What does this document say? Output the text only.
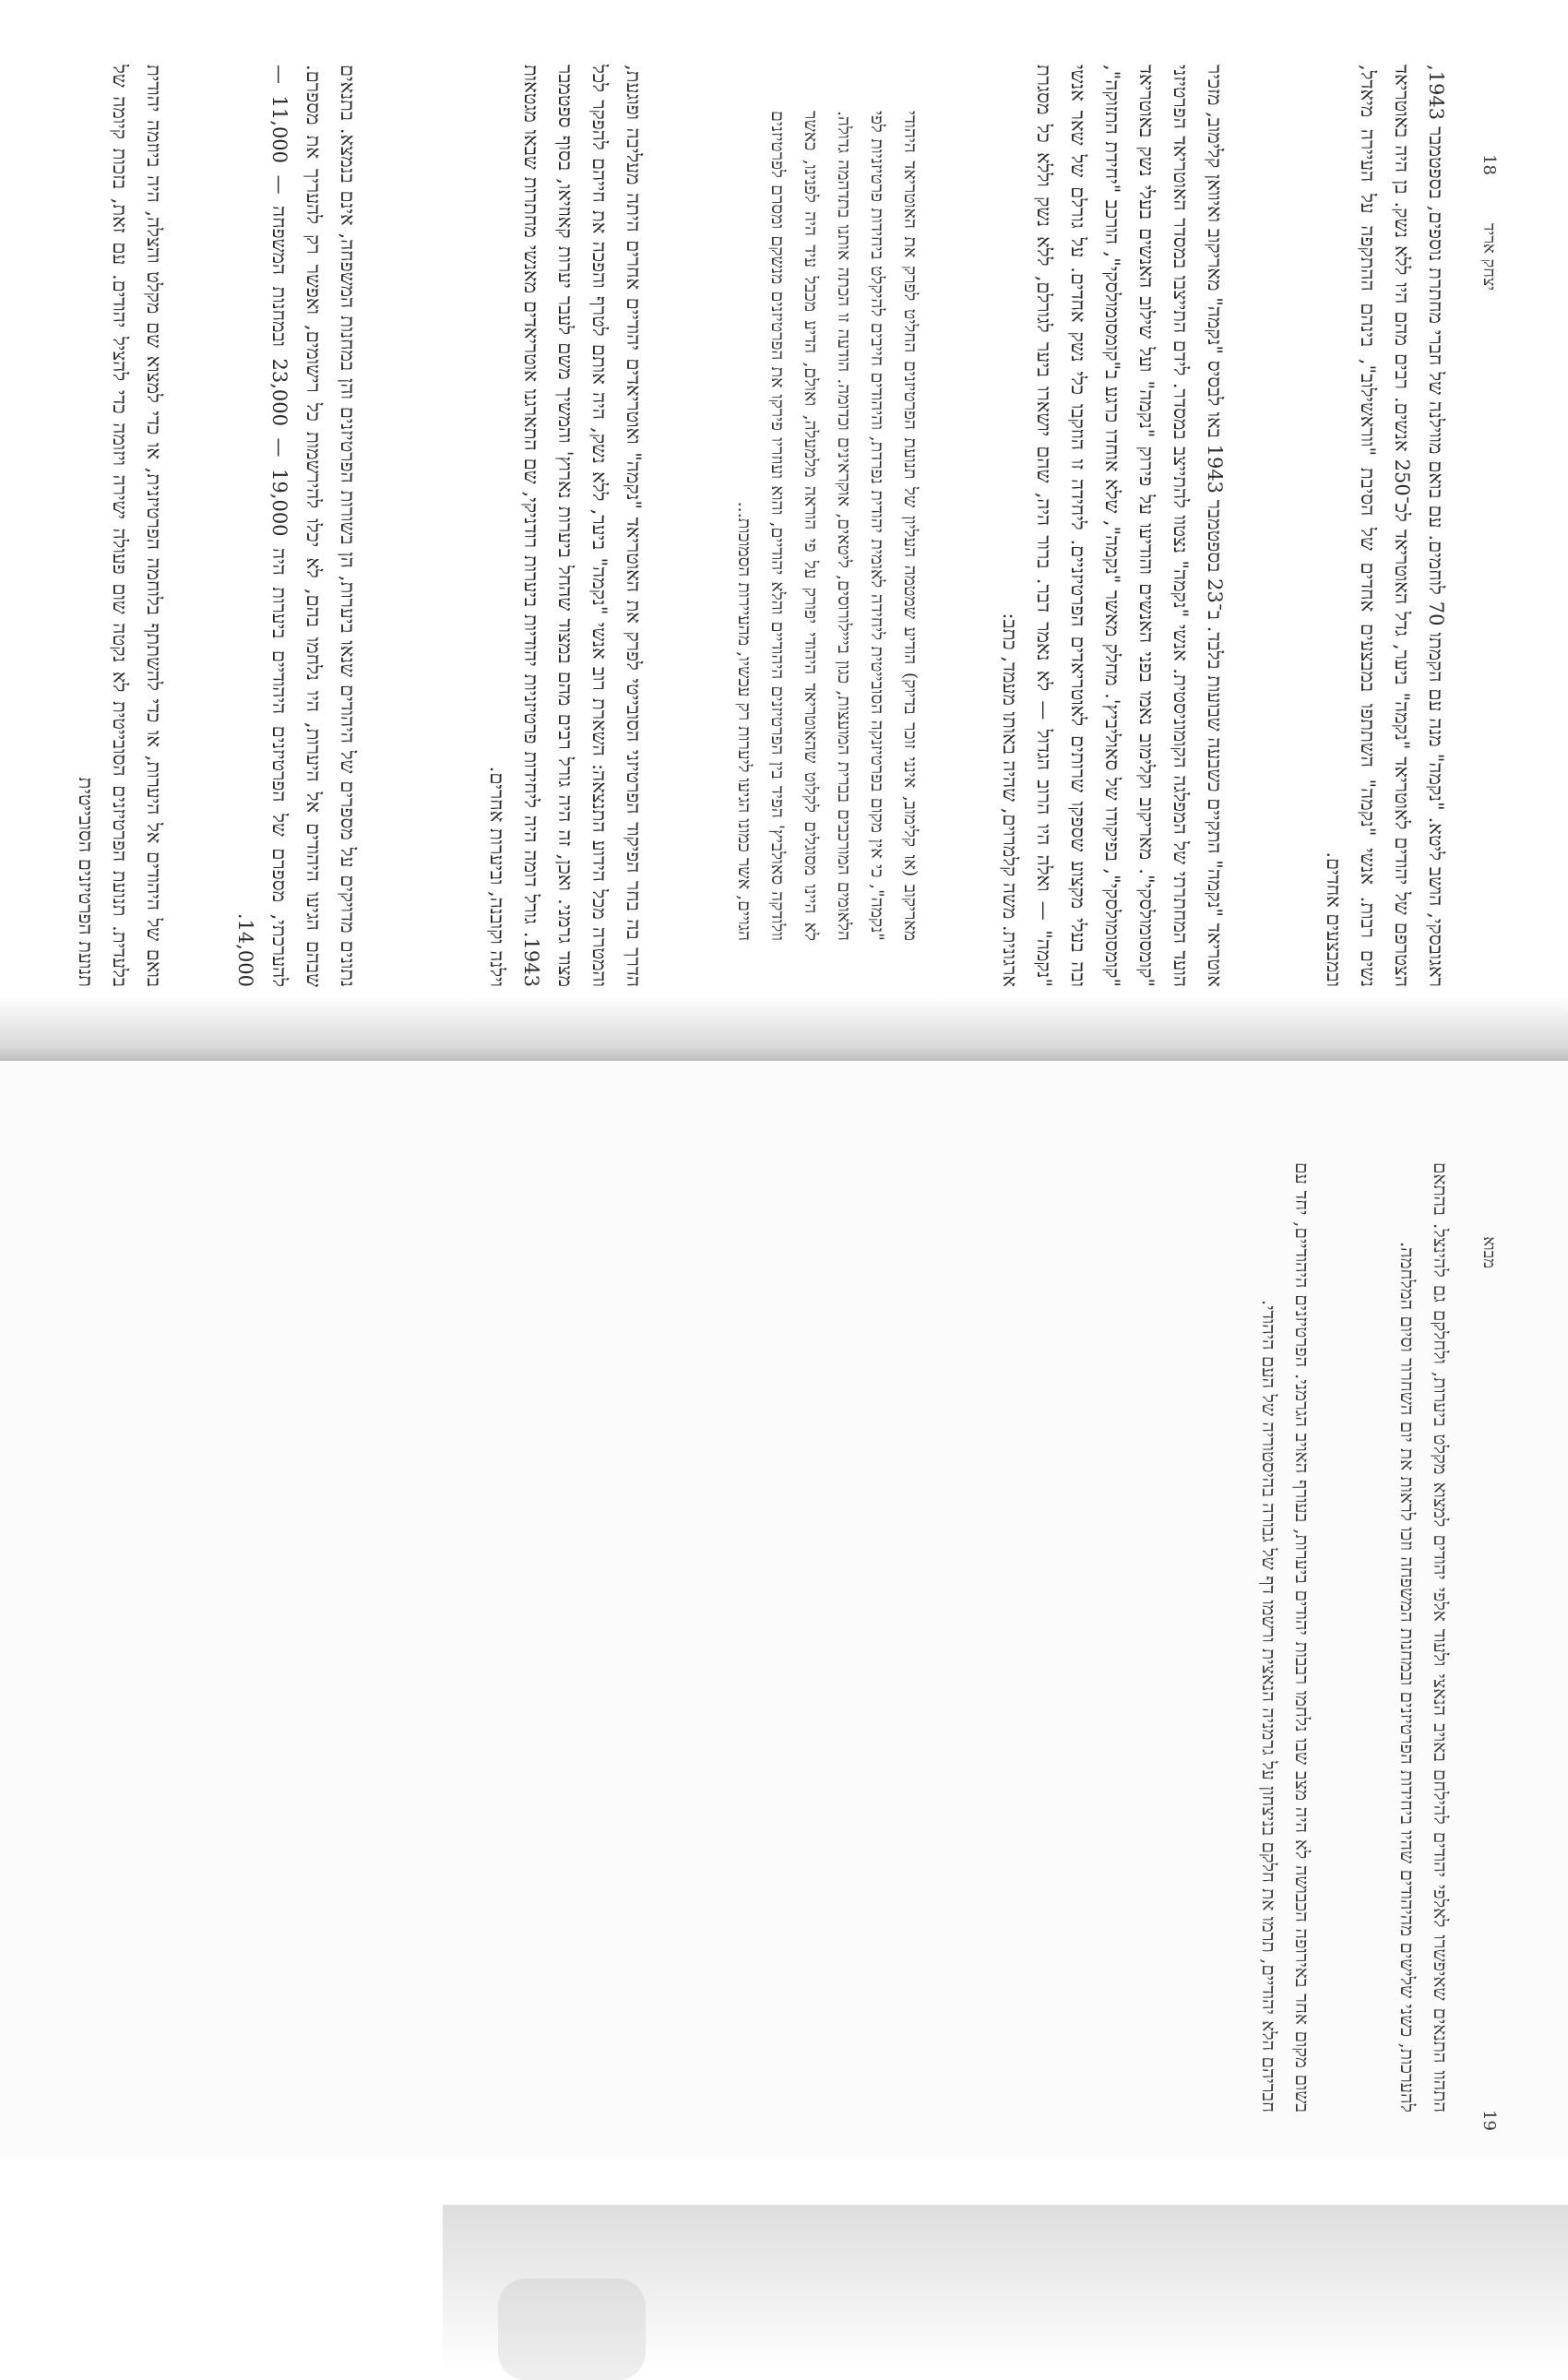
18
יצחק אריד
ראגובסקי, הושב ליטא. "נקמה" מנה עם הקמתו 70 לוחמים. עם בואם מווילנה של חברי מחתרת נוספים, בספטמבר 1943, הצטרפם של יהודים לאוטריאד "נקמה" ביער, גדל האוטריאד לכ־250 אנשים. רבים מהם היו ללא נשק. בן היה באוטריאד נשים רבות. אנשי "נקמה" השתתפו במבצעים אחדים של הסיבת "ווראשילוב", בינהם ההתקפה על העיירה מיאדל, ובמבצעים אחדים.
אוטריאד "נקמה" התקיים כשבעה שבועות בלבד. ב־23 בספטמבר 1943 באו לבסיס "נקמה" מאריקוב ואיוואן קלימוב, מזכיר הועד המחתרתי של המפלגה הקומוניסטית. אנשי "נקמה" נצטוו להתייצב במסדר. לידם התייצבו במסדר האוטריאד הפרטיזני "קומסומולסקי". מאריקוב וקלימוב נאמו בפני האנשים והודיעו על פירוק "נקמה" ועל שילוב האנשים בעלי נשק באוטריאד "קומסומולסקי", בפיקודו של סאוליביץ'. מחלק מאשר "נקמה", שלא אוחדו כרגע ב"קומסומולסקי", הורכב "יחידת התזוקה", ובה בעלי מקצוע שספקו שרותים לאוטריאדים הפרטיזניים. ליחידה זו הוזקבו כלי נשק אחדים. על גורלם של שאר אנשי "נקמה" — ואלה היו הרוב הגדול — לא נאמר דבר. ברור היה, שהם יושארו ביער לגורלם, ללא נשק וללא כל מסגרת ארגונית. משה קלמרוים, שהיה באותו מעמד, כתב:
מאריקוב (או קלימוב, אינני זוכר בדיוק) הודיע שמטמה העליון של תנועת הפרטיזנים החליט לפרק את האוטריאד היהודי "נקמה", כי אין מקום בפרטיזנקה הסובייטית ליחידה לאומית יהודית נפרדת, והיהודים חייבים להיקלט ביחידות פרטיזניות לפי הלאומים המורכבים בברית המועצות, כגון בייילורוסים, ליטאים, אוקראינים וכדומה. הודעה זו הכתה אותנו בתדהמה גדולה. לא היינו מסוגלים לקלוט שהאוטריאד היהודי יפורק על פי הוראה מלמעלה, ואולם, הדיע מכבל עיד היה לפנינו, כאשר וולודקה סאולביץ' הפיד בין הפרטיזנים היהודיים והלא יהודיים, והוא ועוזריו פירקו את הפרטיזנים מנשקם ומסרם לפרטיזנים הגויים, אשר כמונו הגיעו ליערות רק עכשיו, מהעיירות הסמוכות...
הדרך בה בחר הפיקוד הפרטיזני הסובייטי לפרק את האוטריאד "נקמה" ואוטריאדים יהודיים אחרים היתה מעליבה ופוגעת, והמטרה מכל הידוע התנצאה: השארת רוב אנשי "נקמה" ביער, ללא נשק, היה אותם לטרף והפכה את חייהם להפקר לכל מצוד גרמני. ואכן, זה היה גורל רבים מהם במצוד שהחל ביערות נארוץ' והמשיך משם לעבר יערות קאוזיאו, בסוף ספטמבר 1943. גורל דומה היה ליחידות פרטיזניות יהודיות ביערות רודניקי, שם התארגנו אוטריאדים מאנשי מחתרות שבאו מגטאות וילנה וקובנה, וביערות אחרים.
נתונים מדויקים על מספרים של היהודים שנאו ביערות, הן בשורות הפרטיזנים והן במחנות המשפחה, אינם בנמצא. בתנאים שבהם הגיעו היהודים אל היערות, היו נלחמו בהם, לא יכלו להירשמות כל רישומים, ואפשר רק להעריך את מספרם. להערכתי, מספרם של הפרטיזנים היהודיים ביערות היה 19,000 — 23,000 ובמחנות המשפחה — 11,000 — 14,000.
בואם של היהודים אל היערות, או כדי להשתתף בלוחמה הפרטיזנית, או כדי למצוא שם מקלט והצלה, היה ביוזמה יהודית בלעדית. תנועת הפרטיזנים הסובייטית לא נקטה שום פעולה ישירה ויזומה כדי להציל יהודים. עם זאת, בזכות קיומה של תנועת הפרטיזנים הסובייטית
19
מבוא
התהוו התנאים שאיפשרו לאלפי יהודים להילחם באויב הנאצי ולעוד אלפי יהודים למצוא מקלט ביערות, ולחלקם גם להינצל. בהתאם להערכות, כשני שלישים מהיהודים שהיו ביחידות הפרטיזנים ובמחנות המשפחה וזכו לראות את יום השחרור וסיום המלחמה.
בשום מקום אחר באירופה הכבושה לא היה מצב שבו נלחמו רבבות יהודים ביערות, בעורף האויב הגרמני. הפרטיזנים היהודיים, יחד עם חבריהם הלא יהודיים, תרמו את חלקם בניצחון על גרמניה הנאצית ורשמו דף של גבורה בהיסטוריה של העם היהודי.
